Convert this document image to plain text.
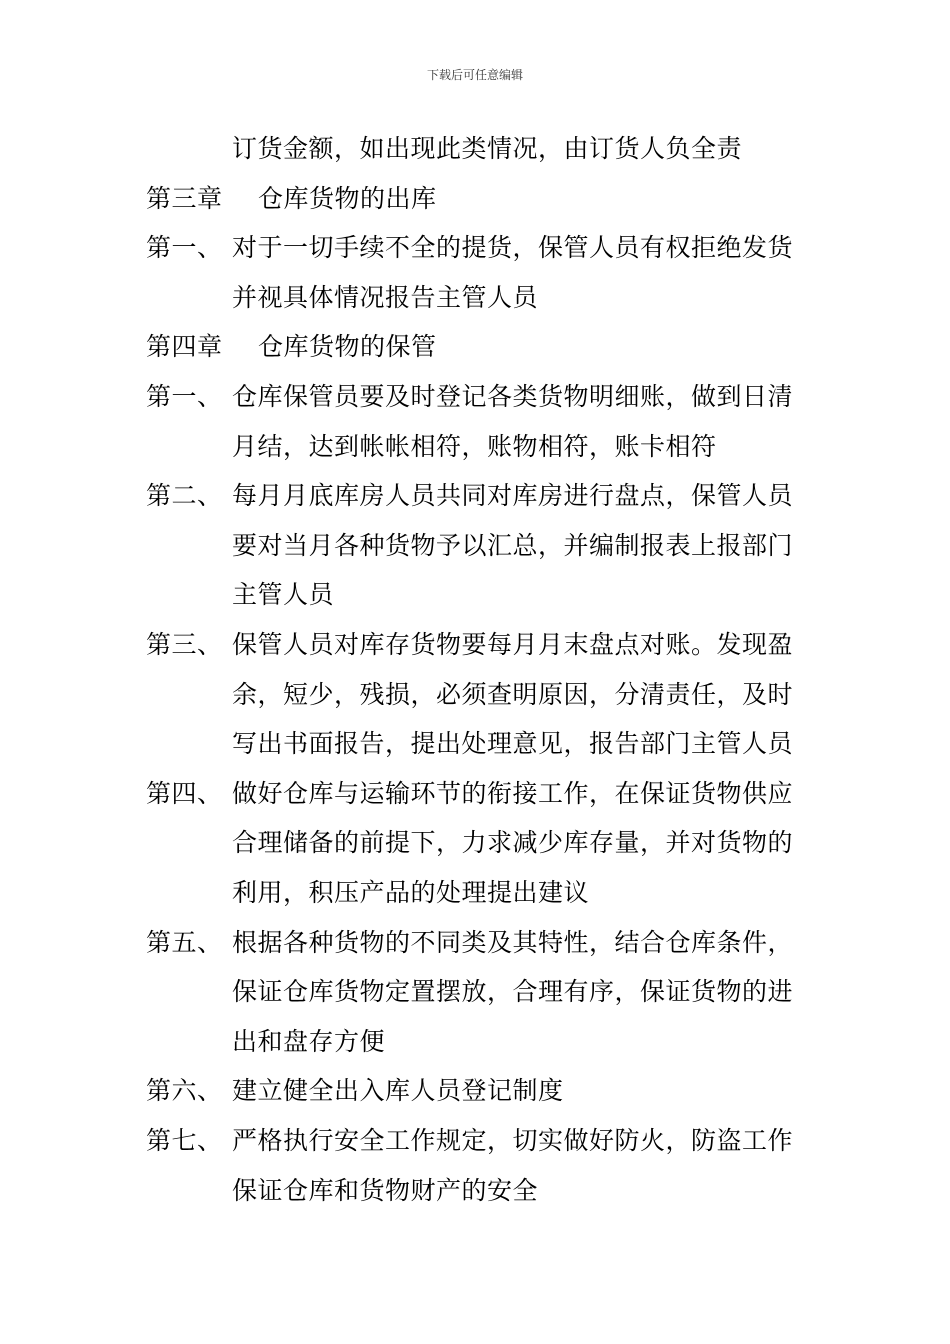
下载后可任意编辑
订货金额，如出现此类情况，由订货人负全责
第三章 仓库货物的出库
第一、 对于一切手续不全的提货，保管人员有权拒绝发货
并视具体情况报告主管人员
第四章 仓库货物的保管
第一、 仓库保管员要及时登记各类货物明细账，做到日清
月结，达到帐帐相符，账物相符，账卡相符
第二、 每月月底库房人员共同对库房进行盘点，保管人员
要对当月各种货物予以汇总，并编制报表上报部门
主管人员
第三、 保管人员对库存货物要每月月末盘点对账。发现盈
余，短少，残损，必须查明原因，分清责任，及时
写出书面报告，提出处理意见，报告部门主管人员
第四、 做好仓库与运输环节的衔接工作，在保证货物供应
合理储备的前提下，力求减少库存量，并对货物的
利用，积压产品的处理提出建议
第五、 根据各种货物的不同类及其特性，结合仓库条件，
保证仓库货物定置摆放，合理有序，保证货物的进
出和盘存方便
第六、 建立健全出入库人员登记制度
第七、 严格执行安全工作规定，切实做好防火，防盗工作
保证仓库和货物财产的安全
